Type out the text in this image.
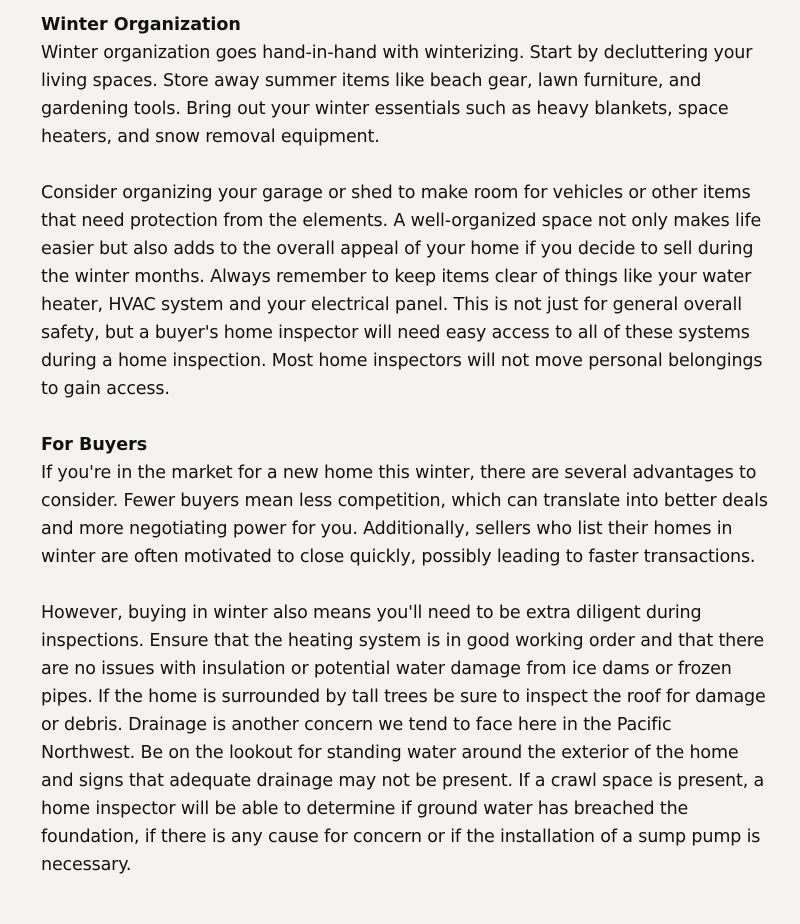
Winter Organization

Winter organization goes hand-in-hand with winterizing. Start by decluttering your living spaces. Store away summer items like beach gear, lawn furniture, and gardening tools. Bring out your winter essentials such as heavy blankets, space heaters, and snow removal equipment.

Consider organizing your garage or shed to make room for vehicles or other items that need protection from the elements. A well-organized space not only makes life easier but also adds to the overall appeal of your home if you decide to sell during the winter months. Always remember to keep items clear of things like your water heater, HVAC system and your electrical panel. This is not just for general overall safety, but a buyer's home inspector will need easy access to all of these systems during a home inspection. Most home inspectors will not move personal belongings to gain access.

For Buyers

If you're in the market for a new home this winter, there are several advantages to consider. Fewer buyers mean less competition, which can translate into better deals and more negotiating power for you. Additionally, sellers who list their homes in winter are often motivated to close quickly, possibly leading to faster transactions.

However, buying in winter also means you'll need to be extra diligent during inspections. Ensure that the heating system is in good working order and that there are no issues with insulation or potential water damage from ice dams or frozen pipes. If the home is surrounded by tall trees be sure to inspect the roof for damage or debris. Drainage is another concern we tend to face here in the Pacific Northwest. Be on the lookout for standing water around the exterior of the home and signs that adequate drainage may not be present. If a crawl space is present, a home inspector will be able to determine if ground water has breached the foundation, if there is any cause for concern or if the installation of a sump pump is necessary.
